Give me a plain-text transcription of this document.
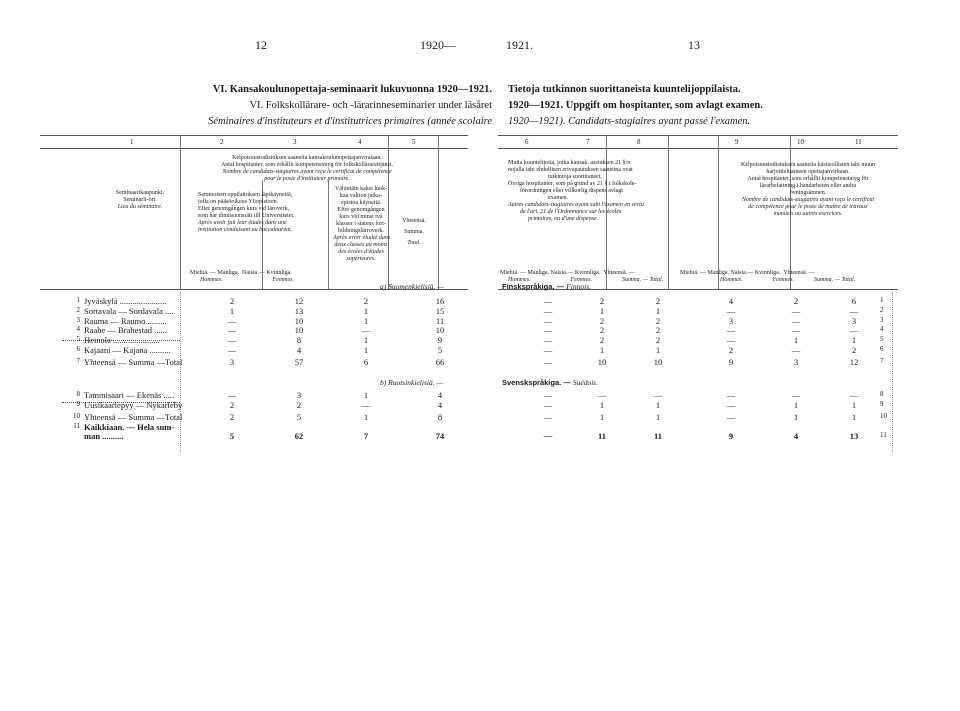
12	1920—	1921.	13
VI. Kansakoulunopettaja-seminaarit lukuvuonna 1920—1921.
VI. Folkskollärare- och -lärarinneseminarier under läsåret
Séminaires d'instituteurs et d'institutrices primaires (année scolaire
Tietoja tutkinnon suorittaneista kuuntelijoppilaista.
1920—1921. Uppgift om hospitanter, som avlagt examen.
1920—1921). Candidats-stagiaires ayant passé l'examen.
1	2	3	4	5	6	7	8	9	10	11
Seminaarikaupunki.
Seminarii-ort.
Lieu du séminaire.
Kelpoisuustodistuksen saaneita kansakoulunopettajanviralaan.
Antal hospitanter, som erhållit kompetensintyg för folkskollärarettjänst.
Nombre de candidats-stagiaires ayant reçu le certificat de compétence
pour le poste d'instituteur primaire.
Semmoisen oppilaitoksen läpikäyneitä,
jolla on pääsöoikeus Yliopistoon.
Efter genomgången kurs vid läroverk,
som har dimissionsrätt till Universitetet.
Après avoir fait leur études dans une
institution conduisant au baccalauréat.
Vähintäin kaksi luok-
kaa valtion jatko-
opistoa käyneitä.
Efter genomgången
kurs vid minst två
klasser i statens fort-
bildningslärroverk.
Après avoir étudié dans
deux classes au moins
des écoles d'études
supérieures.
Yhteensä.
Summa.
Total.
Miehiä. — Manliga. Naisia.— Kvinnliga.
Hommes.	Femmes.
Muita kuuntelijoita, jotka kansak. asetuksen 21 §:n
nojalla tahi ehdollisen erivapautuksen saaneina ovat
tutkintoja suorittaneet.
Övriga hospitanter, som på grund av 21 § i folkskole-
förordningen eller villkorlig dispens avlagt
examen.
Autres candidats-stagiaires ayant subi l'examen en vertu
de l'art. 21 de l'Ordonnance sur les écoles
primaires, ou d'une dispense.
Kelpoisuustodistuksen saaneita käsiteollisten tahi muun
harjoitteluaineen opettajanvirkaan.
Antal hospitanter, som erhållit kompetensintyg för
lärarbefattning i handarbeten eller andra
övningsämnen.
Nombre de candidats-stagiaires ayant reçu le certificat
de compétence pour le poste de maître de travaux
manuels ou autres exercices.
Miehiä. — Manliga. Naisia.— Kvinnliga. Yhteensä. —
Hommes.	Femmes.	Summa. — Total.
Miehiä. — Manliga. Naisia.— Kvinnliga. Yhteensä. —
Hommes.	Femmes.	Summa. — Total.
a) Suomenkielisiä. —	Finskspråkiga. — Finnois.
b) Ruotsinkielisiä. —	Svenskspråkiga. — Suédois.
1 Jyväskylä ......................	2	12	2	16	—	2	2	4	2	6	1
2 Sortavala — Sordavala ....	1	13	1	15	—	1	1	—	—	—	2
3 Rauma — Raumo .........	—	10	1	11	—	2	2	3	—	3	3
4 Raahe — Brahestad ......	—	10	—	10	—	2	2	—	—	—	4
5 Heinola ......................	—	8	1	9	—	2	2	—	1	1	5
6 Kajaani — Kajana ..........	—	4	1	5	—	1	1	2	—	2	6
7 Yhteensä — Summa —Total	3	57	6	66	—	10	10	9	3	12	7
8 Tammisaari — Ekenäs .....	—	3	1	4	—	—	—	—	—	—	8
9 Uusikaarlepyy — Nykarleby	2	2	—	4	—	1	1	—	1	1	9
10 Yhteensä — Summa —Total	2	5	1	8	—	1	1	—	1	1	10
11 Kaikkiaan. — Hela sum-
man ..........	5	62	7	74	—	11	11	9	4	13	11
